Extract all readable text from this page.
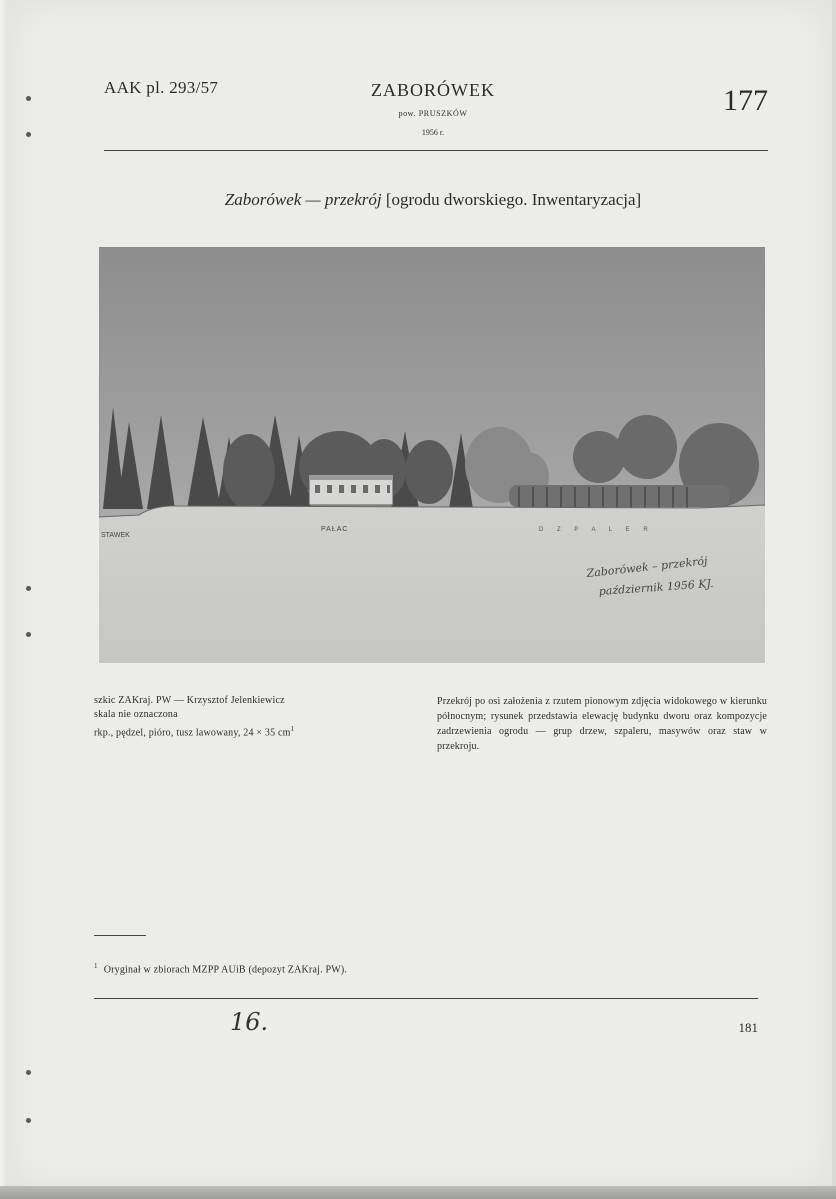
AAK pl. 293/57	ZABORÓWEK
pow. PRUSZKÓW
1956 r.
177
Zaborówek — przekrój [ogrodu dworskiego. Inwentaryzacja]
STAWEK
PAŁAC	D Z P A L E R
Zaborówek – przekrój
październik 1956 KJ.
szkic ZAKraj. PW — Krzysztof Jelenkiewicz
skala nie oznaczona
rkp., pędzel, pióro, tusz lawowany, 24 × 35 $cm^1$
Przekrój po osi założenia z rzutem pionowym zdjęcia widokowego w kierunku północnym; rysunek przedstawia elewację budynku dworu oraz kompozycje zadrzewienia ogrodu — grup drzew, szpaleru, masywów oraz staw w przekroju.
$^1$ Oryginał w zbiorach MZPP AUiB (depozyt ZAKraj. PW).
16.	181
